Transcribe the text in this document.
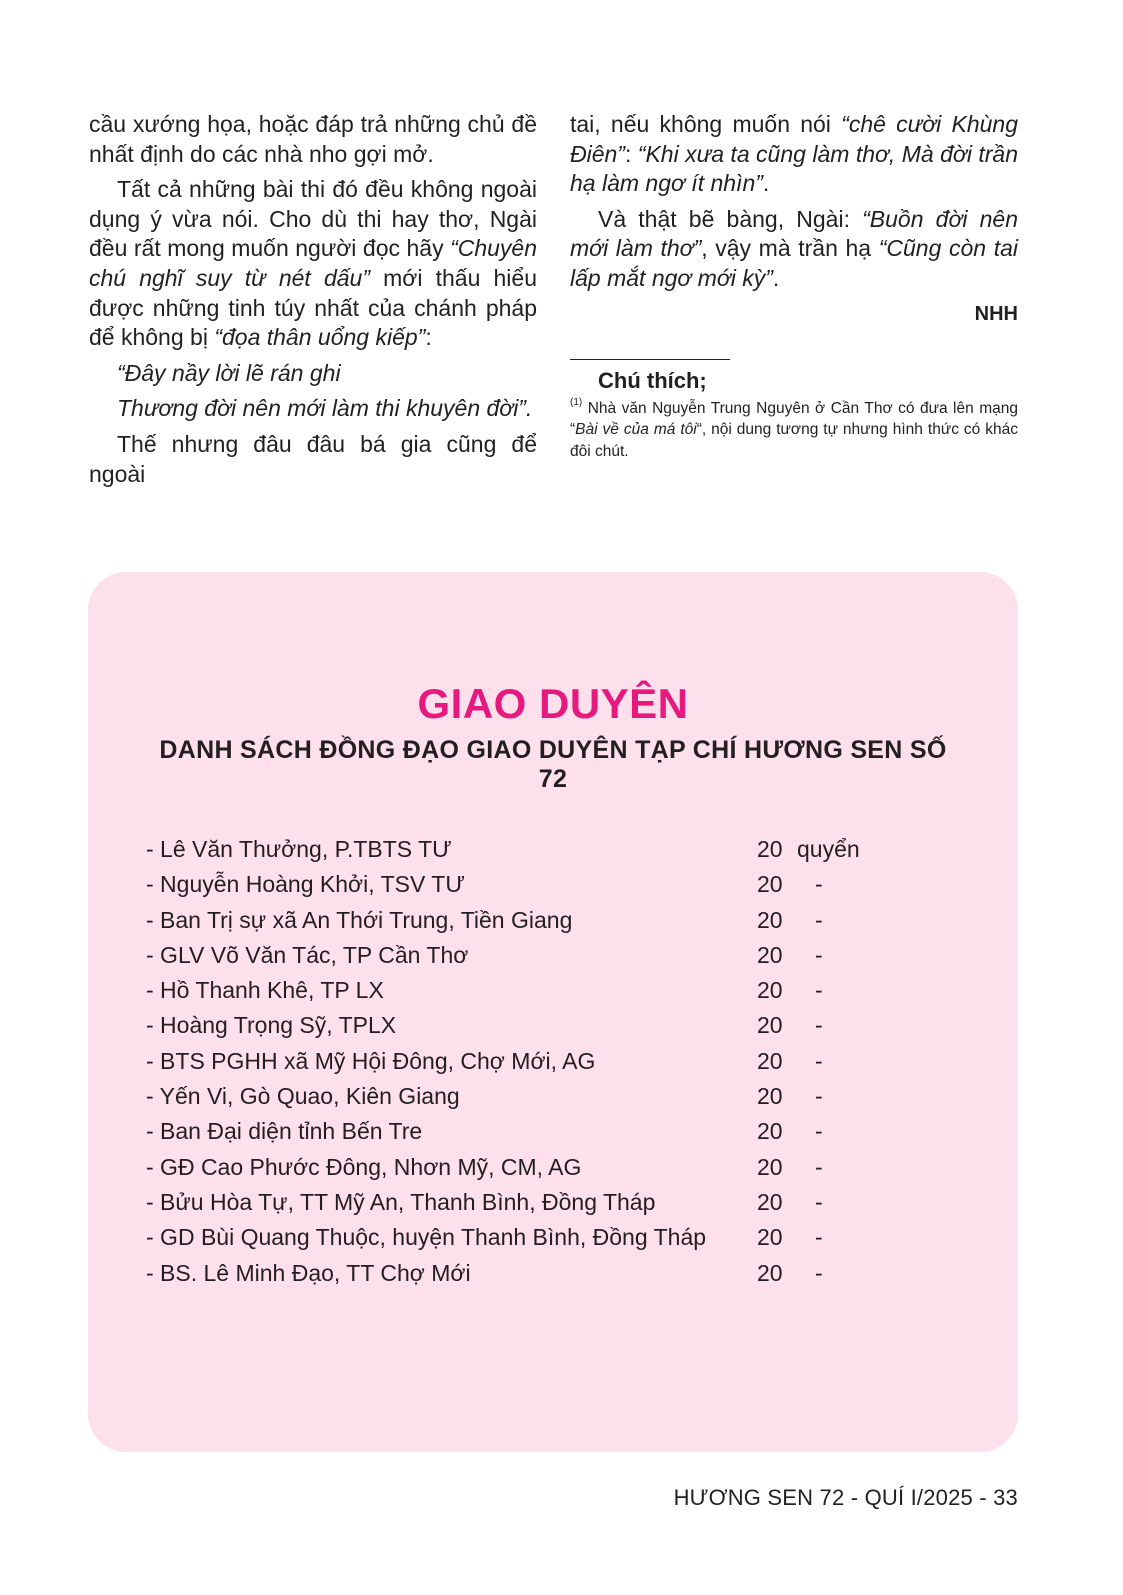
cầu xướng họa, hoặc đáp trả những chủ đề nhất định do các nhà nho gợi mở.

Tất cả những bài thi đó đều không ngoài dụng ý vừa nói. Cho dù thi hay thơ, Ngài đều rất mong muốn người đọc hãy “Chuyên chú nghĩ suy từ nét dấu” mới thấu hiểu được những tinh túy nhất của chánh pháp để không bị “đọa thân uổng kiếp”:

“Đây nầy lời lẽ rán ghi

Thương đời nên mới làm thi khuyên đời”.

Thế nhưng đâu đâu bá gia cũng để ngoài

tai, nếu không muốn nói “chê cười Khùng Điên”: “Khi xưa ta cũng làm thơ, Mà đời trần hạ làm ngơ ít nhìn”.

Và thật bẽ bàng, Ngài: “Buồn đời nên mới làm thơ”, vậy mà trần hạ “Cũng còn tai lấp mắt ngơ mới kỳ”.

NHH
Chú thích;

$^{(1)}$ Nhà văn Nguyễn Trung Nguyên ở Cần Thơ có đưa lên mạng “Bài về của má tôi“, nội dung tương tự nhưng hình thức có khác đôi chút.

GIAO DUYÊN
DANH SÁCH ĐỒNG ĐẠO GIAO DUYÊN TẠP CHÍ HƯƠNG SEN SỐ 72
- Lê Văn Thưởng, P.TBTS TƯ	20 quyển
- Nguyễn Hoàng Khởi, TSV TƯ	20 -
- Ban Trị sự xã An Thới Trung, Tiền Giang	20 -
- GLV Võ Văn Tác, TP Cần Thơ	20 -
- Hồ Thanh Khê, TP LX	20 -
- Hoàng Trọng Sỹ, TPLX	20 -
- BTS PGHH xã Mỹ Hội Đông, Chợ Mới, AG	20 -
- Yến Vi, Gò Quao, Kiên Giang	20 -
- Ban Đại diện tỉnh Bến Tre	20 -
- GĐ Cao Phước Đông, Nhơn Mỹ, CM, AG	20 -
- Bửu Hòa Tự, TT Mỹ An, Thanh Bình, Đồng Tháp	20 -
- GD Bùi Quang Thuộc, huyện Thanh Bình, Đồng Tháp 20 -
- BS. Lê Minh Đạo, TT Chợ Mới	20 -
HƯƠNG SEN 72 - QUÍ I/2025 - 33
